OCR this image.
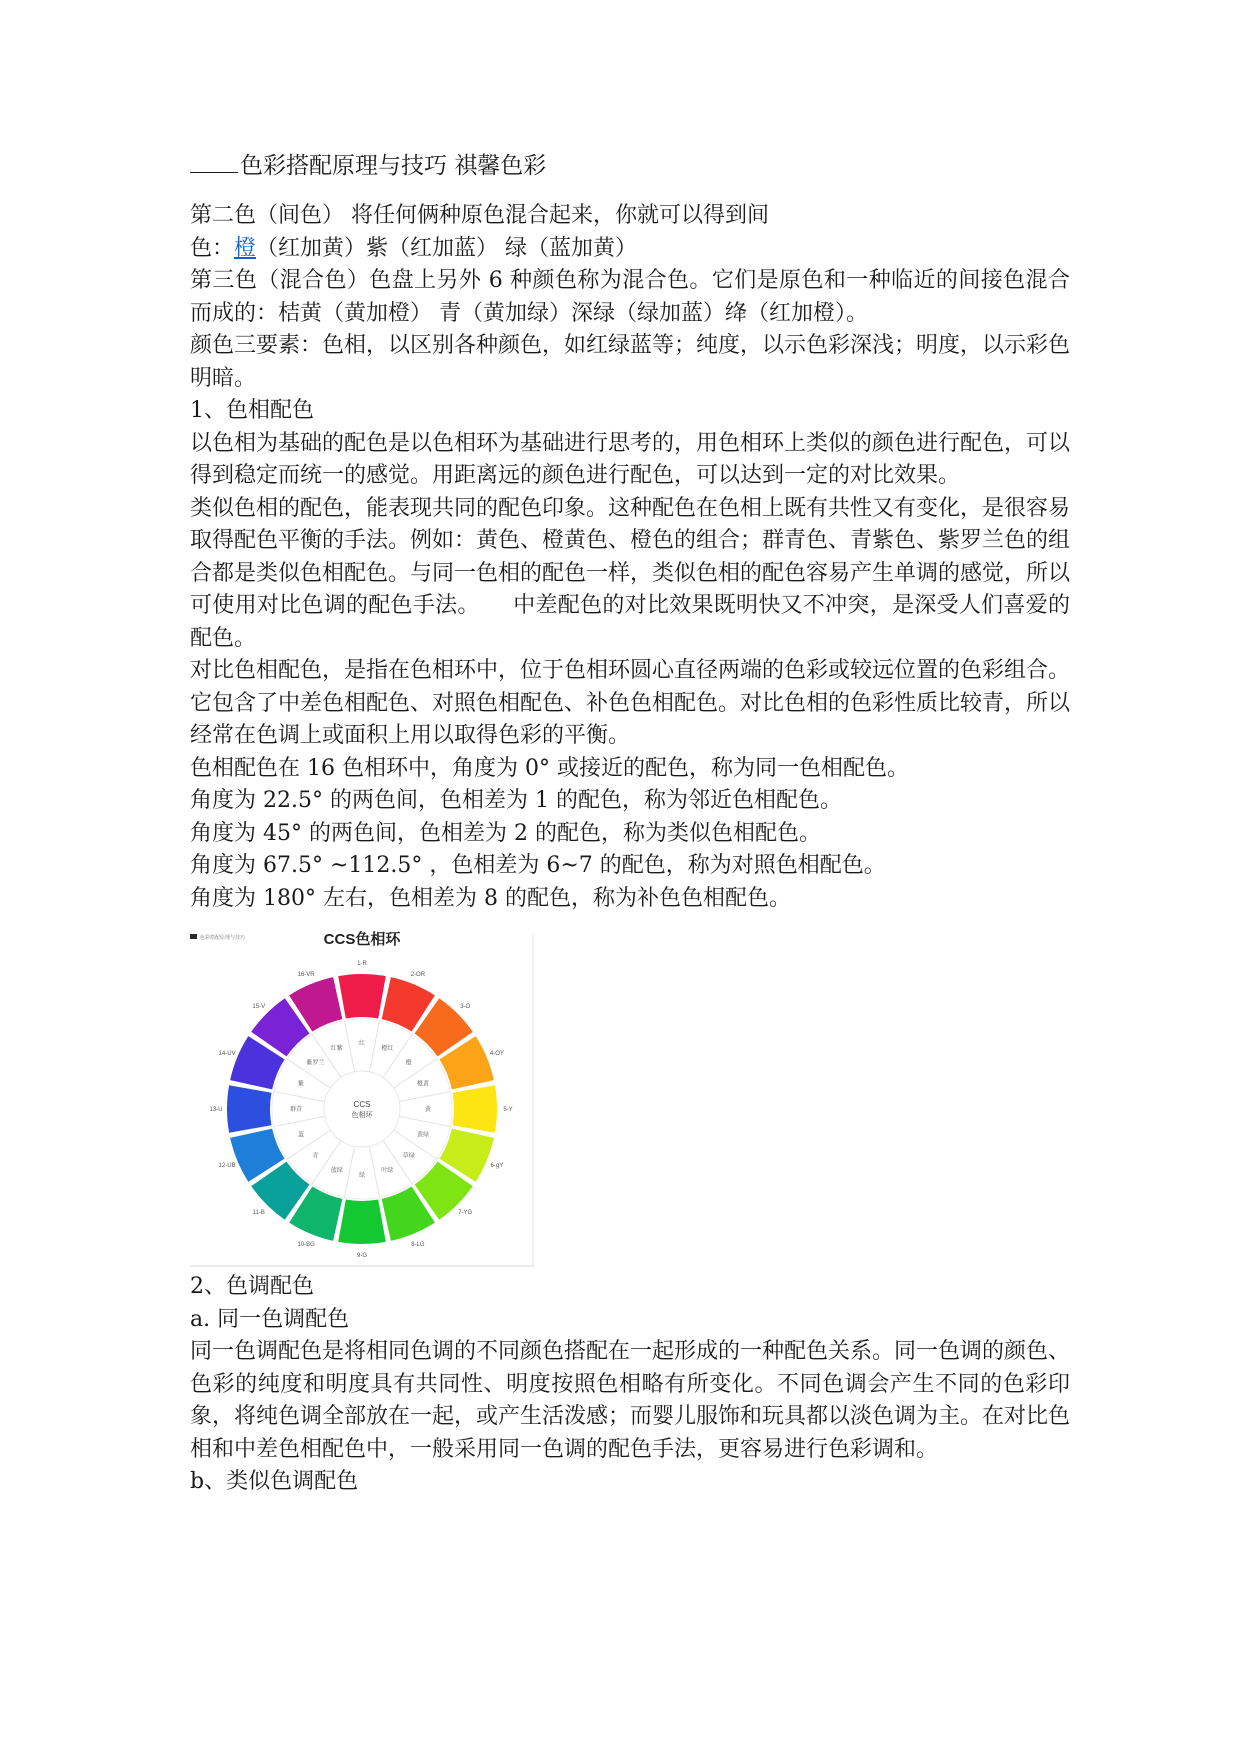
色彩搭配原理与技巧 祺馨色彩

第二色（间色） 将任何俩种原色混合起来，你就可以得到间

色：橙（红加黄）紫（红加蓝） 绿（蓝加黄）

第三色（混合色）色盘上另外 6 种颜色称为混合色。它们是原色和一种临近的间接色混合而成的：桔黄（黄加橙） 青（黄加绿）深绿（绿加蓝）绛（红加橙）。

颜色三要素：色相，以区别各种颜色，如红绿蓝等；纯度，以示色彩深浅；明度，以示彩色明暗。

1、色相配色

以色相为基础的配色是以色相环为基础进行思考的，用色相环上类似的颜色进行配色，可以得到稳定而统一的感觉。用距离远的颜色进行配色，可以达到一定的对比效果。

类似色相的配色，能表现共同的配色印象。这种配色在色相上既有共性又有变化，是很容易取得配色平衡的手法。例如：黄色、橙黄色、橙色的组合；群青色、青紫色、紫罗兰色的组合都是类似色相配色。与同一色相的配色一样，类似色相的配色容易产生单调的感觉，所以可使用对比色调的配色手法。　　中差配色的对比效果既明快又不冲突，是深受人们喜爱的配色。

对比色相配色，是指在色相环中，位于色相环圆心直径两端的色彩或较远位置的色彩组合。它包含了中差色相配色、对照色相配色、补色色相配色。对比色相的色彩性质比较青，所以经常在色调上或面积上用以取得色彩的平衡。

色相配色在 16 色相环中，角度为 0° 或接近的配色，称为同一色相配色。

角度为 22.5° 的两色间，色相差为 1 的配色，称为邻近色相配色。

角度为 45° 的两色间，色相差为 2 的配色，称为类似色相配色。

角度为 67.5° ~112.5° ，色相差为 6~7 的配色，称为对照色相配色。

角度为 180° 左右，色相差为 8 的配色，称为补色色相配色。

色彩搭配原理与技巧	CCS色相环
红
橙红
橙
橙黄
黄
黄绿
草绿
叶绿
绿
蓝绿
青
蓝
群青
紫
紫罗兰
红紫
1-R
2-OR
3-O
4-OY
5-Y
6-gY
7-YG
8-LG
9-G
10-BG
11-B
12-UB
13-U
14-UV
15-V
16-VR
CCS
色相环

2、色调配色

a. 同一色调配色

同一色调配色是将相同色调的不同颜色搭配在一起形成的一种配色关系。同一色调的颜色、色彩的纯度和明度具有共同性、明度按照色相略有所变化。不同色调会产生不同的色彩印象，将纯色调全部放在一起，或产生活泼感；而婴儿服饰和玩具都以淡色调为主。在对比色相和中差色相配色中，一般采用同一色调的配色手法，更容易进行色彩调和。

b、类似色调配色
